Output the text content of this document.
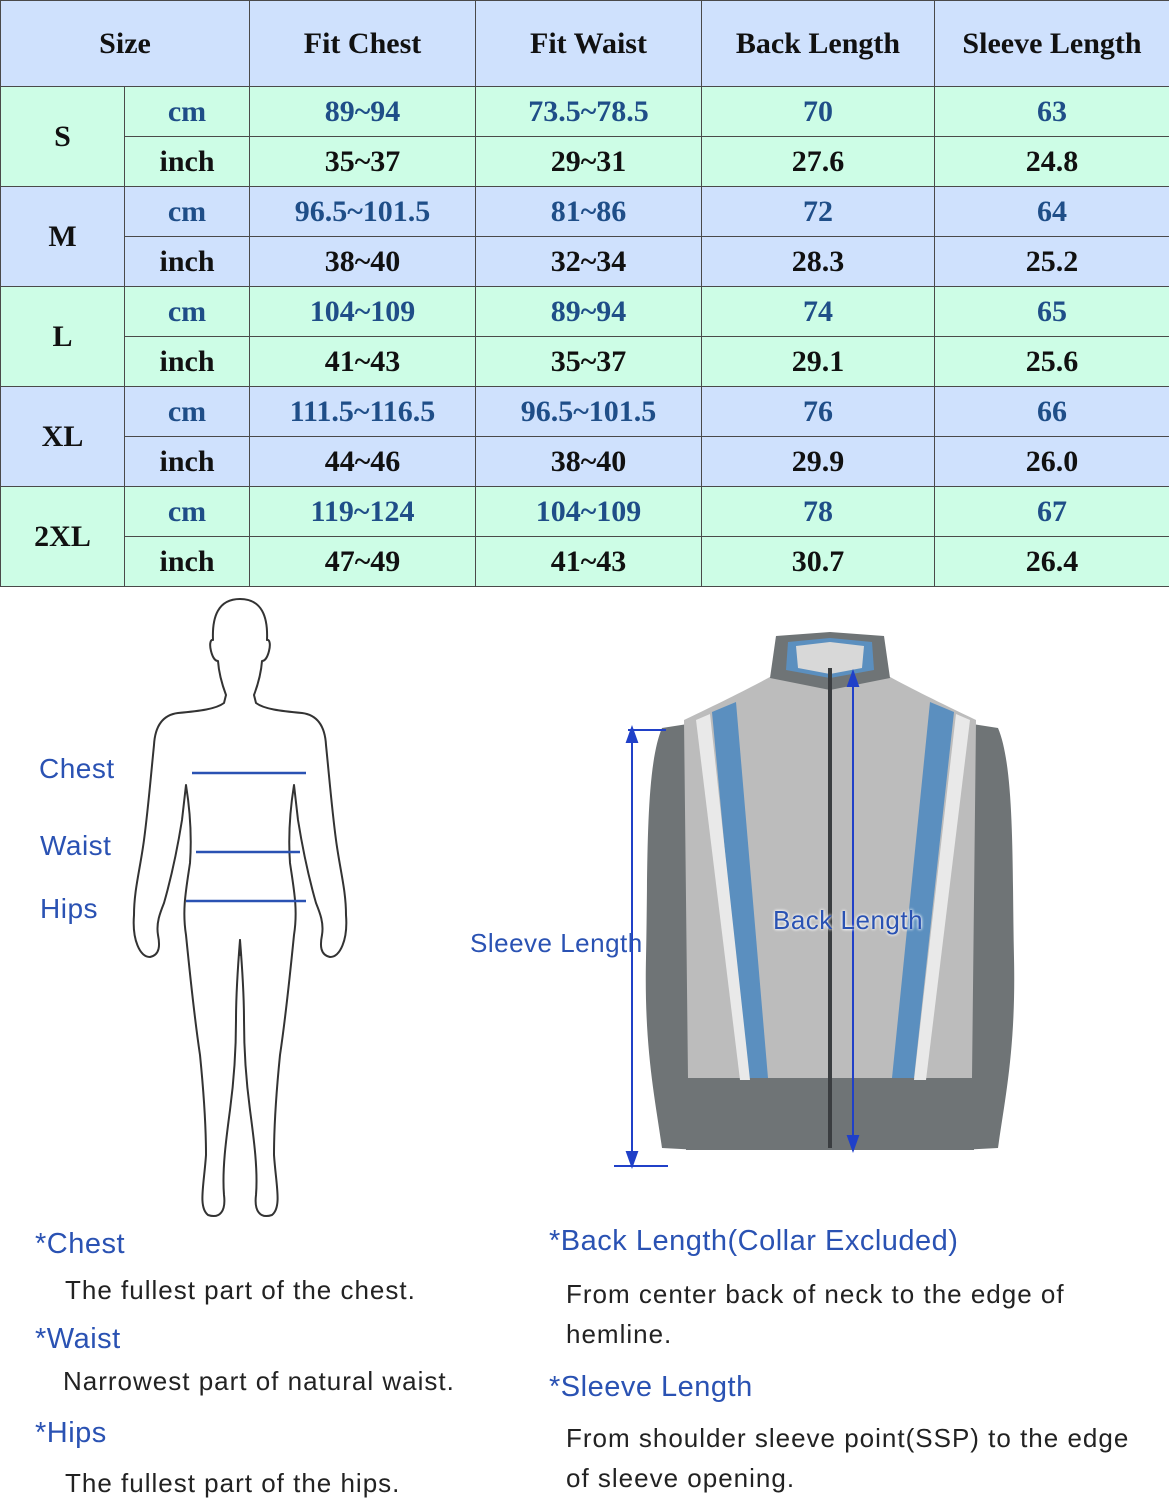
Size		Fit Chest	Fit Waist	Back Length	Sleeve Length
S	cm	89~94	73.5~78.5	70	63
	inch	35~37	29~31	27.6	24.8
M	cm	96.5~101.5	81~86	72	64
	inch	38~40	32~34	28.3	25.2
L	cm	104~109	89~94	74	65
	inch	41~43	35~37	29.1	25.6
XL	cm	111.5~116.5	96.5~101.5	76	66
	inch	44~46	38~40	29.9	26.0
2XL	cm	119~124	104~109	78	67
	inch	47~49	41~43	30.7	26.4
Chest
Waist
Hips
Sleeve Length
Back Length
*Chest
The fullest part of the chest.
*Waist
Narrowest part of natural waist.
*Hips
The fullest part of the hips.
*Back Length(Collar Excluded)
From center back of neck to the edge of hemline.
*Sleeve Length
From shoulder sleeve point(SSP) to the edge of sleeve opening.
